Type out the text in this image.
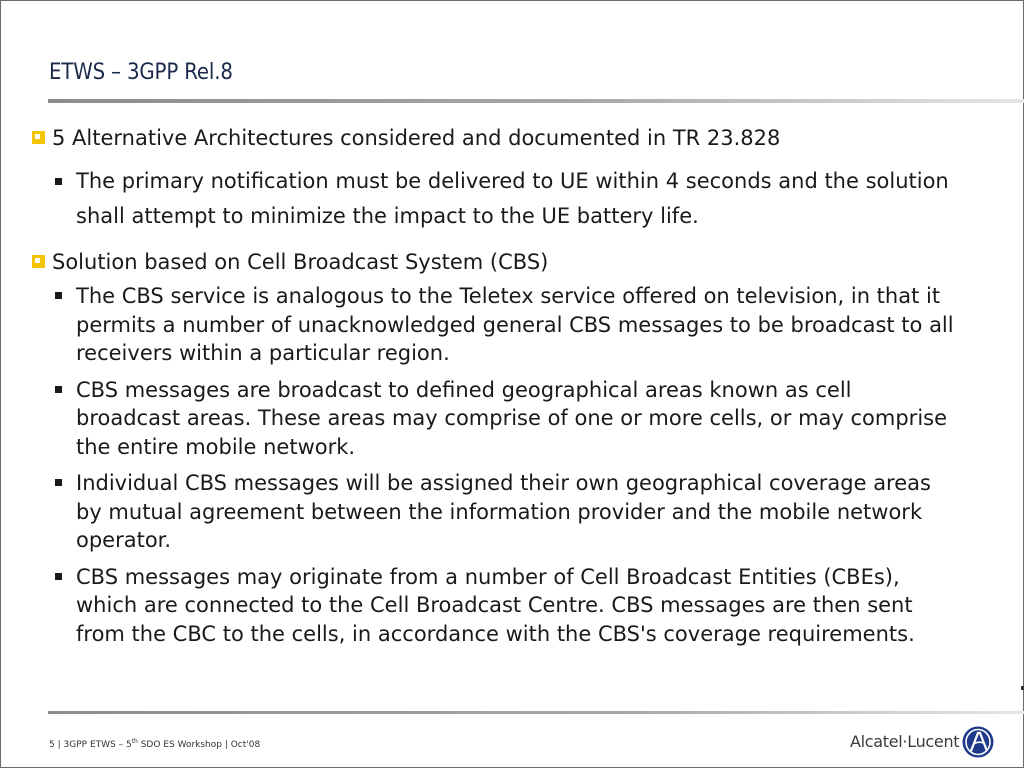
ETWS – 3GPP Rel.8
5 Alternative Architectures considered and documented in TR 23.828
The primary notification must be delivered to UE within 4 seconds and the solution shall attempt to minimize the impact to the UE battery life.
Solution based on Cell Broadcast System (CBS)
The CBS service is analogous to the Teletex service offered on television, in that it permits a number of unacknowledged general CBS messages to be broadcast to all receivers within a particular region.
CBS messages are broadcast to defined geographical areas known as cell broadcast areas. These areas may comprise of one or more cells, or may comprise the entire mobile network.
Individual CBS messages will be assigned their own geographical coverage areas by mutual agreement between the information provider and the mobile network operator.
CBS messages may originate from a number of Cell Broadcast Entities (CBEs), which are connected to the Cell Broadcast Centre. CBS messages are then sent from the CBC to the cells, in accordance with the CBS's coverage requirements.
5 | 3GPP ETWS – 5th SDO ES Workshop | Oct'08	Alcatel·Lucent
